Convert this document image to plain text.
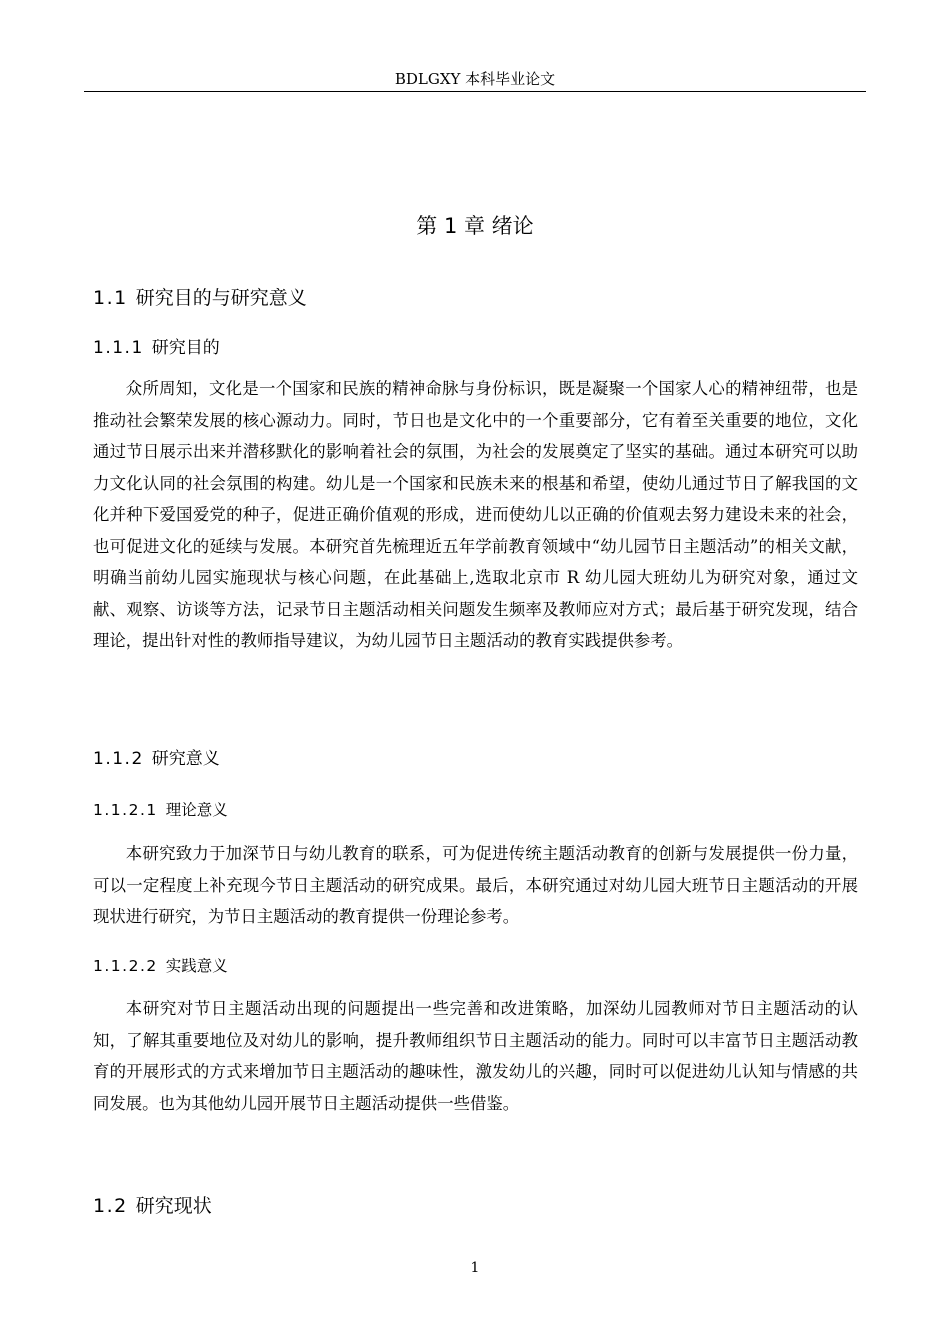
BDLGXY 本科毕业论文
第 1 章 绪论
1.1 研究目的与研究意义
1.1.1 研究目的

众所周知，文化是一个国家和民族的精神命脉与身份标识，既是凝聚一个国家人心的精神纽带，也是推动社会繁荣发展的核心源动力。同时，节日也是文化中的一个重要部分，它有着至关重要的地位，文化通过节日展示出来并潜移默化的影响着社会的氛围，为社会的发展奠定了坚实的基础。通过本研究可以助力文化认同的社会氛围的构建。幼儿是一个国家和民族未来的根基和希望，使幼儿通过节日了解我国的文化并种下爱国爱党的种子，促进正确价值观的形成，进而使幼儿以正确的价值观去努力建设未来的社会，也可促进文化的延续与发展。本研究首先梳理近五年学前教育领域中“幼儿园节日主题活动”的相关文献，明确当前幼儿园实施现状与核心问题，在此基础上,选取北京市 R 幼儿园大班幼儿为研究对象，通过文献、观察、访谈等方法，记录节日主题活动相关问题发生频率及教师应对方式；最后基于研究发现，结合理论，提出针对性的教师指导建议，为幼儿园节日主题活动的教育实践提供参考。

1.1.2 研究意义
1.1.2.1 理论意义

本研究致力于加深节日与幼儿教育的联系，可为促进传统主题活动教育的创新与发展提供一份力量，可以一定程度上补充现今节日主题活动的研究成果。最后，本研究通过对幼儿园大班节日主题活动的开展现状进行研究，为节日主题活动的教育提供一份理论参考。

1.1.2.2 实践意义

本研究对节日主题活动出现的问题提出一些完善和改进策略，加深幼儿园教师对节日主题活动的认知，了解其重要地位及对幼儿的影响，提升教师组织节日主题活动的能力。同时可以丰富节日主题活动教育的开展形式的方式来增加节日主题活动的趣味性，激发幼儿的兴趣，同时可以促进幼儿认知与情感的共同发展。也为其他幼儿园开展节日主题活动提供一些借鉴。

1.2 研究现状
1
